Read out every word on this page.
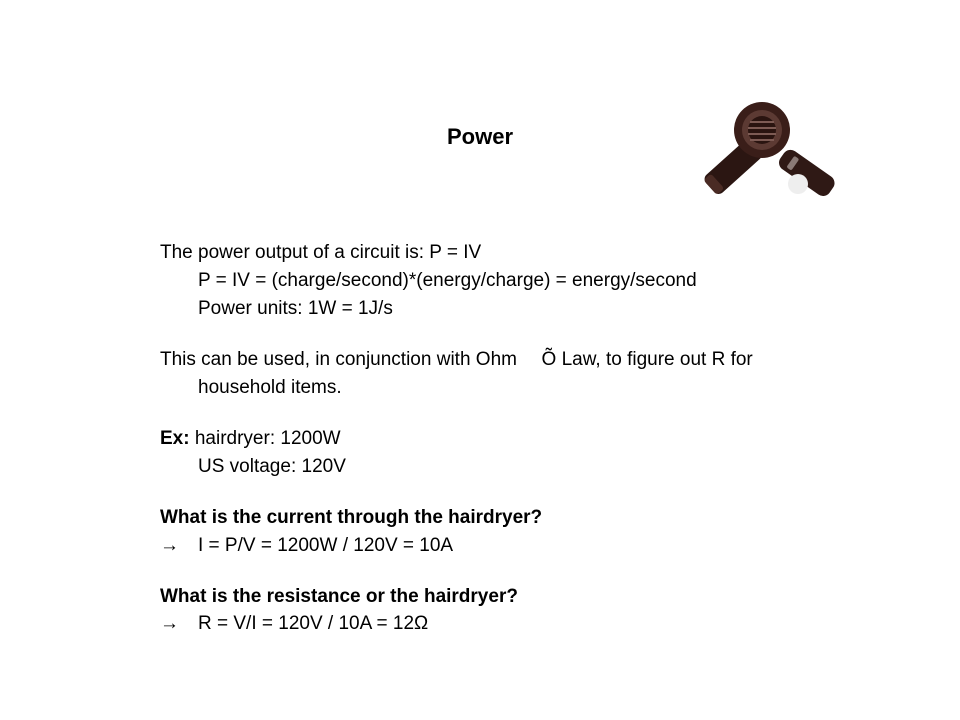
Power
The power output of a circuit is: P = IV
P = IV = (charge/second)*(energy/charge) = energy/second
Power units: 1W = 1J/s
This can be used, in conjunction with Ohm Õ Law, to figure out R for
household items.
Ex: hairdryer: 1200W
US voltage: 120V
What is the current through the hairdryer?
→ I = P/V = 1200W / 120V = 10A
What is the resistance or the hairdryer?
→ R = V/I = 120V / 10A = 12Ω
